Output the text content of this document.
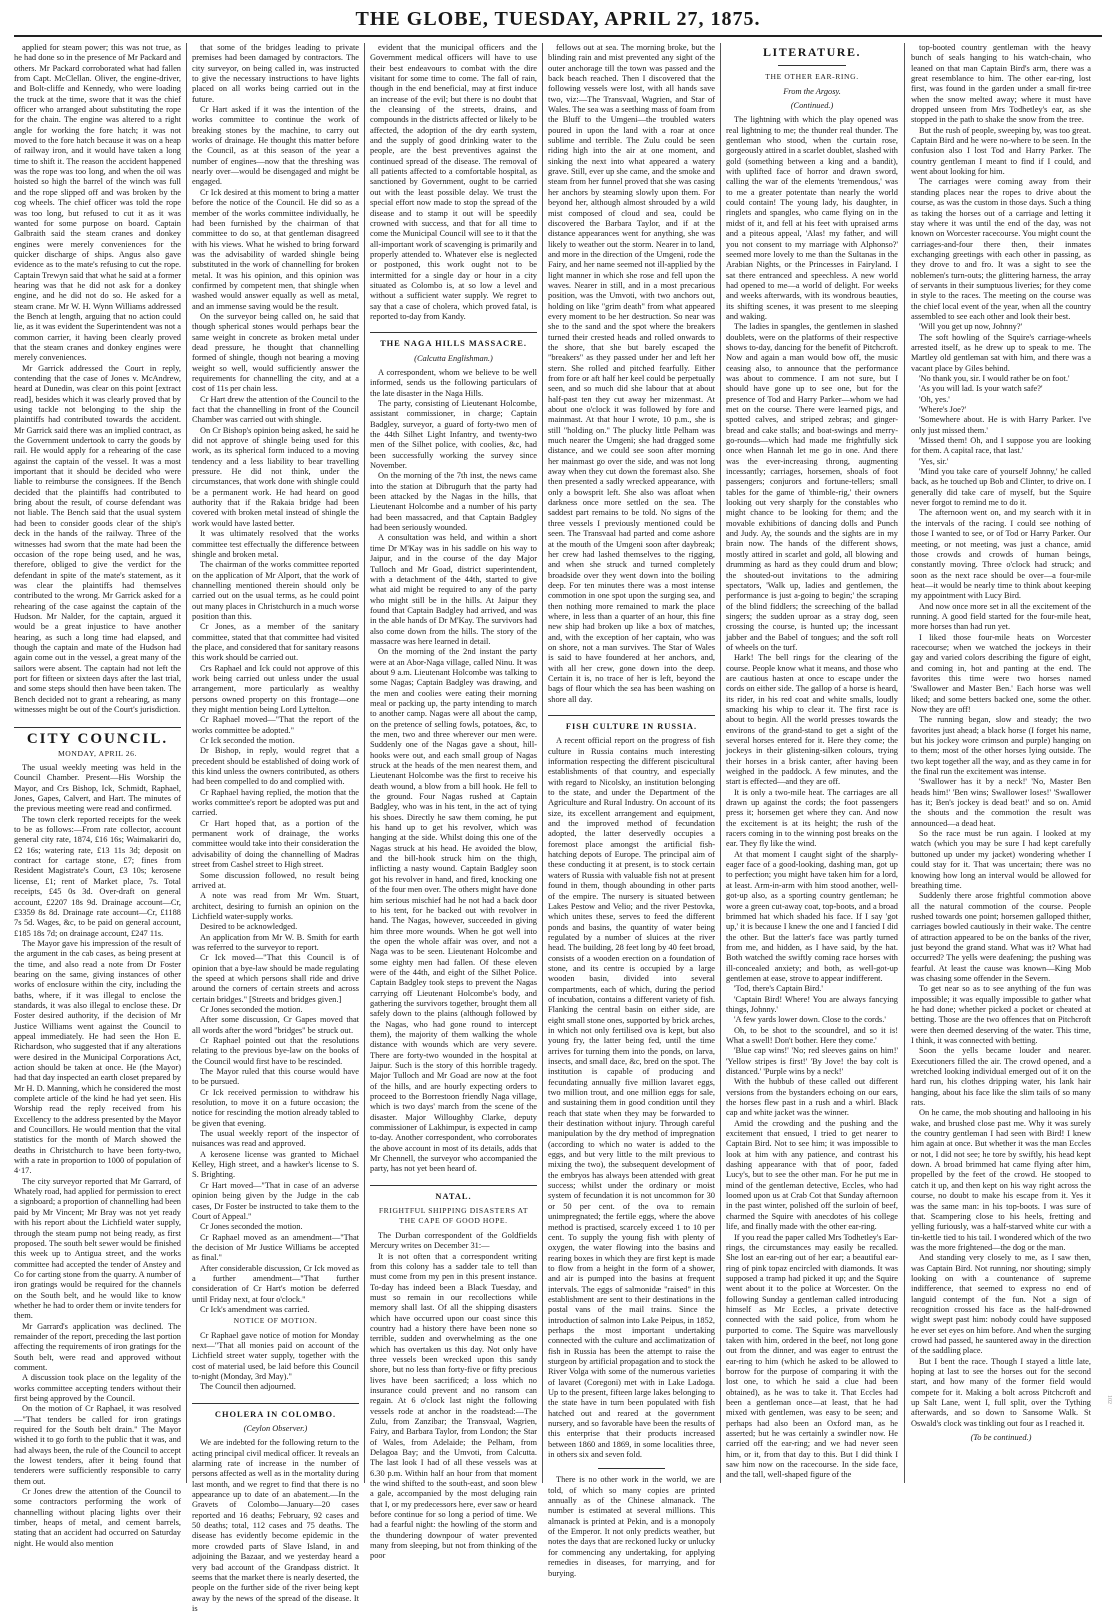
THE GLOBE, TUESDAY, APRIL 27, 1875.

applied for steam power; this was not true, as he had done so in the presence of Mr Packard and others. Mr Packard corroborated what had fallen from Capt. McClellan. Oliver, the engine-driver, and Bolt-cliffe and Kennedy, who were loading the truck at the time, swore that it was the chief officer who arranged about substituting the rope for the chain. The engine was altered to a right angle for working the fore hatch; it was not moved to the fore hatch because it was on a heap of railway iron, and it would have taken a long time to shift it. The reason the accident happened was the rope was too long, and when the oil was hoisted so high the barrel of the winch was full and the rope slipped off and was broken by the cog wheels. The chief officer was told the rope was too long, but refused to cut it as it was wanted for some purpose on board. Captain Galbraith said the steam cranes and donkey engines were merely conveniences for the quicker discharge of ships. Angus also gave evidence as to the mate's refusing to cut the rope. Captain Trewyn said that what he said at a former hearing was that he did not ask for a donkey engine, and he did not do so. He asked for a steam crane. Mr W. H. Wynn Williams addressed the Bench at length, arguing that no action could lie, as it was evident the Superintendent was not a common carrier, it having been clearly proved that the steam cranes and donkey engines were merely conveniences.

Mr Garrick addressed the Court in reply, contending that the case of Jones v. McAndrew, heard at Dunedin, was clear on this point [extract read], besides which it was clearly proved that by using tackle not belonging to the ship the plaintiffs had contributed towards the accident. Mr Garrick said there was an implied contract, as the Government undertook to carry the goods by rail. He would apply for a rehearing of the case against the captain of the vessel. It was a most important that it should be decided who were liable to reimburse the consignees. If the Bench decided that the plaintiffs had contributed to bring about the result, of course defendant was not liable. The Bench said that the usual system had been to consider goods clear of the ship's deck in the hands of the railway. Three of the witnesses had sworn that the mate had been the occasion of the rope being used, and he was, therefore, obliged to give the verdict for the defendant in spite of the mate's statement, as it was clear the plaintiffs had themselves contributed to the wrong. Mr Garrick asked for a rehearing of the case against the captain of the Hudson. Mr Nalder, for the captain, argued it would be a great injustice to have another hearing, as such a long time had elapsed, and though the captain and mate of the Hudson had again come out in the vessel, a great many of the sailors were absent. The captain had not left the port for fifteen or sixteen days after the last trial, and some steps should then have been taken. The Bench decided not to grant a rehearing, as many witnesses might be out of the Court's jurisdiction.

CITY COUNCIL.

MONDAY, APRIL 26.

The usual weekly meeting was held in the Council Chamber. Present—His Worship the Mayor, and Crs Bishop, Ick, Schmidt, Raphael, Jones, Gapes, Calvert, and Hart. The minutes of the previous meeting were read and confirmed.

The town clerk reported receipts for the week to be as follows:—From rate collector, account general city rate, 1874, £16 16s; Waimakariri do, £2 16s; watering rate, £13 11s 3d; deposit on contract for cartage stone, £7; fines from Resident Magistrate's Court, £3 10s; kerosene license, £1; rent of Market place, 7s. Total receipts, £45 0s 3d. Over-draft on general account, £2207 18s 9d. Drainage account—Cr, £3359 8s 8d. Drainage rate account—Cr, £1188 7s 5d. Wages, &c, to be paid on general account, £185 18s 7d; on drainage account, £247 11s.

The Mayor gave his impression of the result of the argument in the cab cases, as being present at the time, and also read a note from Dr Foster bearing on the same, giving instances of other works of enclosure within the city, including the baths, where, if it was illegal to enclose the standards, it was also illegal to enclose these. Dr Foster desired authority, if the decision of Mr Justice Williams went against the Council to appeal immediately. He had seen the Hon E. Richardson, who suggested that if any alterations were desired in the Municipal Corporations Act, action should be taken at once. He (the Mayor) had that day inspected an earth closet prepared by Mr H. D. Manning, which he considered the most complete article of the kind he had yet seen. His Worship read the reply received from his Excellency to the address presented by the Mayor and Councillors. He would mention that the vital statistics for the month of March showed the deaths in Christchurch to have been forty-two, with a rate in proportion to 1000 of population of 4·17.

The city surveyor reported that Mr Garrard, of Whately road, had applied for permission to erect a signboard; a proportion of channelling had been paid by Mr Vincent; Mr Bray was not yet ready with his report about the Lichfield water supply, through the steam pump not being ready, as first proposed. The south belt sewer would be finished this week up to Antigua street, and the works committee had accepted the tender of Anstey and Co for carting stone from the quarry. A number of iron gratings would be required for the channels on the South belt, and he would like to know whether he had to order them or invite tenders for them.

Mr Garrard's application was declined. The remainder of the report, preceding the last portion affecting the requirements of iron gratings for the South belt, were read and approved without comment.

A discussion took place on the legality of the works committee accepting tenders without their first being approved by the Council.

On the motion of Cr Raphael, it was resolved—"That tenders be called for iron gratings required for the South belt drain." The Mayor wished it to go forth to the public that it was, and had always been, the rule of the Council to accept the lowest tenders, after it being found that tenderers were sufficiently responsible to carry them out.

Cr Jones drew the attention of the Council to some contractors performing the work of channelling without placing lights over their timber, heaps of metal, and cement barrels, stating that an accident had occurred on Saturday night. He would also mention

that some of the bridges leading to private premises had been damaged by contractors. The city surveyor, on being called in, was instructed to give the necessary instructions to have lights placed on all works being carried out in the future.

Cr Hart asked if it was the intention of the works committee to continue the work of breaking stones by the machine, to carry out works of drainage. He thought this matter before the Council, as at this season of the year a number of engines—now that the threshing was nearly over—would be disengaged and might be engaged.

Cr Ick desired at this moment to bring a matter before the notice of the Council. He did so as a member of the works committee individually, he had been furnished by the chairman of that committee to do so, at that gentleman disagreed with his views. What he wished to bring forward was the advisability of warded shingle being substituted in the work of channelling for broken metal. It was his opinion, and this opinion was confirmed by competent men, that shingle when washed would answer equally as well as metal, and an immense saving would be the result.

On the surveyor being called on, he said that though spherical stones would perhaps bear the same weight in concrete as broken metal under dead pressure, he thought that channelling formed of shingle, though not bearing a moving weight so well, would sufficiently answer the requirements for channelling the city, and at a cost of 11s per chain less.

Cr Hart drew the attention of the Council to the fact that the channelling in front of the Council Chamber was carried out with shingle.

On Cr Bishop's opinion being asked, he said he did not approve of shingle being used for this work, as its spherical form induced to a moving tendency and a less liability to bear travelling pressure. He did not think, under the circumstances, that work done with shingle could be a permanent work. He had heard on good authority that if the Rakaia bridge had been covered with broken metal instead of shingle the work would have lasted better.

It was ultimately resolved that the works committee test effectually the difference between shingle and broken metal.

The chairman of the works committee reported on the application of Mr Alport, that the work of channelling mentioned therein should only be carried out on the usual terms, as he could point out many places in Christchurch in a much worse position than this.

Cr Jones, as a member of the sanitary committee, stated that that committee had visited the place, and considered that for sanitary reasons this work should be carried out.

Crs Raphael and Ick could not approve of this work being carried out unless under the usual arrangement, more particularly as wealthy persons owned property on this frontage—one they might mention being Lord Lyttelton.

Cr Raphael moved—"That the report of the works committee be adopted."

Cr Ick seconded the motion.

Dr Bishop, in reply, would regret that a precedent should be established of doing work of this kind unless the owners contributed, as others had been compelled to do and complied with.

Cr Raphael having replied, the motion that the works committee's report be adopted was put and carried.

Cr Hart hoped that, as a portion of the permanent work of drainage, the works committee would take into their consideration the advisability of doing the channelling of Madras street from Cashel street to High street.

Some discussion followed, no result being arrived at.

A note was read from Mr Wm. Stuart, architect, desiring to furnish an opinion on the Lichfield water-supply works.

Desired to be acknowledged.

An application from Mr W. B. Smith for earth was referred to the surveyor to report.

Cr Ick moved—"That this Council is of opinion that a bye-law should be made regulating the speed at which persons shall ride and drive around the corners of certain streets and across certain bridges." [Streets and bridges given.]

Cr Jones seconded the motion.

After some discussion, Cr Gapes moved that all words after the word "bridges" be struck out.

Cr Raphael pointed out that the resolutions relating to the previous bye-law on the books of the Council would first have to be rescinded.

The Mayor ruled that this course would have to be pursued.

Cr Ick received permission to withdraw his resolution, to move it on a future occasion; the notice for rescinding the motion already tabled to be given that evening.

The usual weekly report of the inspector of nuisances was read and approved.

A kerosene license was granted to Michael Kelley, High street, and a hawker's license to S. S. Brighting.

Cr Hart moved—"That in case of an adverse opinion being given by the Judge in the cab cases, Dr Foster be instructed to take them to the Court of Appeal."

Cr Jones seconded the motion.

Cr Raphael moved as an amendment—"That the decision of Mr Justice Williams be accepted as final."

After considerable discussion, Cr Ick moved as a further amendment—"That further consideration of Cr Hart's motion be deferred until Friday next, at four o'clock."

Cr Ick's amendment was carried.

NOTICE OF MOTION.

Cr Raphael gave notice of motion for Monday next—"That all monies paid on account of the Lichfield street water supply, together with the cost of material used, be laid before this Council to-night (Monday, 3rd May)."

The Council then adjourned.

CHOLERA IN COLOMBO.

(Ceylon Observer.)

We are indebted for the following return to the acting principal civil medical officer. It reveals an alarming rate of increase in the number of persons affected as well as in the mortality during last month, and we regret to find that there is no appearance up to date of an abatement.—In the Gravets of Colombo—January—20 cases reported and 16 deaths; February, 92 cases and 50 deaths; total, 112 cases and 75 deaths. The disease has evidently become epidemic in the more crowded parts of Slave Island, in and adjoining the Bazaar, and we yesterday heard a very bad account of the Grandpass district. It seems that the market there is nearly deserted, the people on the further side of the river being kept away by the news of the spread of the disease. It is

evident that the municipal officers and the Government medical officers will have to use their best endeavours to combat with the dire visitant for some time to come. The fall of rain, though in the end beneficial, may at first induce an increase of the evil; but there is no doubt that the cleansing of the streets, drains, and compounds in the districts affected or likely to be affected, the adoption of the dry earth system, and the supply of good drinking water to the people, are the best preventives against the continued spread of the disease. The removal of all patients affected to a comfortable hospital, as sanctioned by Government, ought to be carried out with the least possible delay. We trust the special effort now made to stop the spread of the disease and to stamp it out will be speedily crowned with success, and that for all time to come the Municipal Council will see to it that the all-important work of scavenging is primarily and properly attended to. Whatever else is neglected or postponed, this work ought not to be intermitted for a single day or hour in a city situated as Colombo is, at so low a level and without a sufficient water supply. We regret to say that a case of cholera, which proved fatal, is reported to-day from Kandy.

THE NAGA HILLS MASSACRE.

(Calcutta Englishman.)

A correspondent, whom we believe to be well informed, sends us the following particulars of the late disaster in the Naga Hills.

The party, consisting of Lieutenant Holcombe, assistant commissioner, in charge; Captain Badgley, surveyor, a guard of forty-two men of the 44th Silhet Light Infantry, and twenty-two men of the Silhet police, with coolies, &c, had been successfully working the survey since November.

On the morning of the 7th inst, the news came into the station at Dibrugurh that the party had been attacked by the Nagas in the hills, that Lieutenant Holcombe and a number of his party had been massacred, and that Captain Badgley had been seriously wounded.

A consultation was held, and within a short time Dr M'Kay was in his saddle on his way to Jaipur, and in the course of the day Major Tulloch and Mr Goad, district superintendent, with a detachment of the 44th, started to give what aid might be required to any of the party who might still be in the hills. At Jaipur they found that Captain Badgley had arrived, and was in the able hands of Dr M'Kay. The survivors had also come down from the hills. The story of the massacre was here learned in detail.

On the morning of the 2nd instant the party were at an Abor-Naga village, called Ninu. It was about 9 a.m. Lieutenant Holcombe was talking to some Nagas; Captain Badgley was drawing, and the men and coolies were eating their morning meal or packing up, the party intending to march to another camp. Nagas were all about the camp, on the pretence of selling fowls, potatoes, &c, to the men, two and three wherever our men were. Suddenly one of the Nagas gave a shout, hill-hooks were out, and each small group of Nagas struck at the heads of the men nearest them, and Lieutenant Holcombe was the first to receive his death wound, a blow from a bill hook. He fell to the ground. Four Nagas rushed at Captain Badgley, who was in his tent, in the act of tying his shoes. Directly he saw them coming, he put his hand up to get his revolver, which was hanging at the side. Whilst doing this one of the Nagas struck at his head. He avoided the blow, and the bill-hook struck him on the thigh, inflicting a nasty wound. Captain Badgley soon got his revolver in hand, and fired, knocking one of the four men over. The others might have done him serious mischief had he not had a back door to his tent, for he backed out with revolver in hand. The Nagas, however, succeeded in giving him three more wounds. When he got well into the open the whole affair was over, and not a Naga was to be seen. Lieutenant Holcombe and some eighty men had fallen. Of these eleven were of the 44th, and eight of the Silhet Police. Captain Badgley took steps to prevent the Nagas carrying off Lieutenant Holcombe's body, and gathering the survivors together, brought them all safely down to the plains (although followed by the Nagas, who had gone round to intercept them), the majority of them walking the whole distance with wounds which are very severe. There are forty-two wounded in the hospital at Jaipur. Such is the story of this horrible tragedy. Major Tulloch and Mr Goad are now at the foot of the hills, and are hourly expecting orders to proceed to the Borrestoon friendly Naga village, which is two days' march from the scene of the disaster. Major Willoughby Clarke, deputy commissioner of Lakhimpur, is expected in camp to-day. Another correspondent, who corroborates the above account in most of its details, adds that Mr Chennell, the surveyor who accompanied the party, has not yet been heard of.

NATAL.

FRIGHTFUL SHIPPING DISASTERS AT THE CAPE OF GOOD HOPE.

The Durban correspondent of the Goldfields Mercury writes on December 31:—

It is not often that a correspondent writing from this colony has a sadder tale to tell than must come from my pen in this present instance. To-day has indeed been a Black Tuesday, and must so remain in our recollections while memory shall last. Of all the shipping disasters which have occurred upon our coast since this country had a history there have been none so terrible, sudden and overwhelming as the one which has overtaken us this day. Not only have three vessels been wrecked upon this sandy shore, but no less than forty-five or fifty precious lives have been sacrificed; a loss which no insurance could prevent and no ransom can regain. At 6 o'clock last night the following vessels rode at anchor in the roadstead:—The Zulu, from Zanzibar; the Transvaal, Wagrien, Fairy, and Barbara Taylor, from London; the Star of Wales, from Adelaide; the Pelham, from Delagoa Bay; and the Umvoti, from Calcutta. The last look I had of all these vessels was at 6.30 p.m. Within half an hour from that moment the wind shifted to the south-east, and soon blew a gale, accompanied by the most deluging rain that I, or my predecessors here, ever saw or heard before continue for so long a period of time. We had a fearful night: the howling of the storm and the thundering downpour of water prevented many from sleeping, but not from thinking of the poor

fellows out at sea. The morning broke, but the blinding rain and mist prevented any sight of the outer anchorage till the town was passed and the back beach reached. Then I discovered that the following vessels were lost, with all hands save two, viz:—The Transvaal, Wagrien, and Star of Wales. The sea was a seething mass of foam from the Bluff to the Umgeni—the troubled waters poured in upon the land with a roar at once sublime and terrible. The Zulu could be seen riding high into the air at one moment, and sinking the next into what appeared a watery grave. Still, ever up she came, and the smoke and steam from her funnel proved that she was casing her anchors by steaming slowly upon them. For beyond her, although almost shrouded by a wild mist composed of cloud and sea, could be discovered the Barbara Taylor, and if at the distance appearances went for anything, she was likely to weather out the storm. Nearer in to land, and more in the direction of the Umgeni, rode the Fairy, and her name seemed not ill-applied by the light manner in which she rose and fell upon the waves. Nearer in still, and in a most precarious position, was the Umvoti, with two anchors out, holding on like "grim death" from what appeared every moment to be her destruction. So near was she to the sand and the spot where the breakers turned their crested heads and rolled onwards to the shore, that she but barely escaped the "breakers" as they passed under her and left her stern. She rolled and pitched fearfully. Either from fore or aft half her keel could be perpetually seen, and so much did she labour that at about half-past ten they cut away her mizenmast. At about one o'clock it was followed by fore and mainmast. At that hour I wrote, 10 p.m., she is still "holding on." The plucky little Pelham was much nearer the Umgeni; she had dragged some distance, and we could see soon after morning her mainmast go over the side, and was not long away when they cut down the foremast also. She then presented a sadly wrecked appearance, with only a bowsprit left. She also was afloat when darkness once more settled on the sea. The saddest part remains to be told. No signs of the three vessels I previously mentioned could be seen. The Transvaal had parted and come ashore at the mouth of the Umgeni soon after daybreak; her crew had lashed themselves to the rigging, and when she struck and turned completely broadside over they went down into the boiling deep. For ten minutes there was a most intense commotion in one spot upon the surging sea, and then nothing more remained to mark the place where, in less than a quarter of an hour, this fine new ship had broken up like a box of matches, and, with the exception of her captain, who was on shore, not a man survives. The Star of Wales is said to have foundered at her anchors, and, with all her crew, gone down into the deep. Certain it is, no trace of her is left, beyond the bags of flour which the sea has been washing on shore all day.

FISH CULTURE IN RUSSIA.

A recent official report on the progress of fish culture in Russia contains much interesting information respecting the different piscicultural establishments of that country, and especially with regard to Nicolsky, an institution belonging to the state, and under the Department of the Agriculture and Rural Industry. On account of its size, its excellent arrangement and equipment, and the improved method of fecundation adopted, the latter deservedly occupies a foremost place amongst the artificial fish-hatching depots of Europe. The principal aim of these conducting it at present, is to stock certain waters of Russia with valuable fish not at present found in them, though abounding in other parts of the empire. The nursery is situated between Lakes Pestow and Velio; and the river Pestovka, which unites these, serves to feed the different ponds and basins, the quantity of water being regulated by a number of sluices at the river head. The building, 28 feet long by 40 feet broad, consists of a wooden erection on a foundation of stone, and its centre is occupied by a large wooden basin, divided into several compartments, each of which, during the period of incubation, contains a different variety of fish. Flanking the central basin on either side, are eight small stone ones, supported by brick arches, in which not only fertilised ova is kept, but also young fry, the latter being fed, until the time arrives for turning them into the ponds, on larva, insects, and small dace, &c, bred on the spot. The institution is capable of producing and fecundating annually five million lavaret eggs, two million trout, and one million eggs for sale, and sustaining them in good condition until they reach that state when they may be forwarded to their destination without injury. Through careful manipulation by the dry method of impregnation (according to which no water is added to the eggs, and but very little to the milt previous to mixing the two), the subsequent development of the embryos has always been attended with great success; whilst under the ordinary or moist system of fecundation it is not uncommon for 30 or 50 per cent. of the ova to remain unimpregnated; the fertile eggs, where the above method is practised, scarcely exceed 1 to 10 per cent. To supply the young fish with plenty of oxygen, the water flowing into the basins and rearing boxes in which they are first kept is made to flow from a height in the form of a shower, and air is pumped into the basins at frequent intervals. The eggs of salmonidæ "raised" in this establishment are sent to their destinations in the postal vans of the mail trains. Since the introduction of salmon into Lake Peipus, in 1852, perhaps the most important undertaking connected with the culture and acclimatization of fish in Russia has been the attempt to raise the sturgeon by artificial propagation and to stock the River Volga with some of the numerous varieties of lavaret (Coregoni) met with in Lake Ladoga. Up to the present, fifteen large lakes belonging to the state have in turn been populated with fish hatched out and reared at the government nursery, and so favorable have been the results of this enterprise that their products increased between 1860 and 1869, in some localities three, in others six and seven fold.

There is no other work in the world, we are told, of which so many copies are printed annually as of the Chinese almanack. The number is estimated at several millions. This almanack is printed at Pekin, and is a monopoly of the Emperor. It not only predicts weather, but notes the days that are reckoned lucky or unlucky for commencing any undertaking, for applying remedies in diseases, for marrying, and for burying.

LITERATURE.

THE OTHER EAR-RING.

From the Argosy.

(Continued.)

The lightning with which the play opened was real lightning to me; the thunder real thunder. The gentleman who stood, when the curtain rose, gorgeously attired in a scarlet doublet, slashed with gold (something between a king and a bandit), with uplifted face of horror and drawn sword, calling the war of the elements 'tremendous,' was to me a greater potentate than nearly the world could contain! The young lady, his daughter, in ringlets and spangles, who came flying on in the midst of it, and fell at his feet with upraised arms and a piteous appeal, 'Alas! my father, and will you not consent to my marriage with Alphonso?' seemed more lovely to me than the Sultanas in the Arabian Nights, or the Princesses in Fairyland. I sat there entranced and speechless. A new world had opened to me—a world of delight. For weeks and weeks afterwards, with its wondrous beauties, its shifting scenes, it was present to me sleeping and waking.

The ladies in spangles, the gentlemen in slashed doublets, were on the platforms of their respective shows to-day, dancing for the benefit of Pitchcroft. Now and again a man would bow off, the music ceasing also, to announce that the performance was about to commence. I am not sure, but I should have gone up to see one, but for the presence of Tod and Harry Parker—whom we had met on the course. There were learned pigs, and spotted calves, and striped zebras; and ginger-bread and cake stalls; and boat-swings and merry-go-rounds—which had made me frightfully sick once when Hannah let me go in one. And there was the ever-increasing throng, augmenting incessantly; carriages, horsemen, shoals of foot passengers; conjurors and fortune-tellers; small tables for the game of 'thimble-rig,' their owners looking out very sharply for the constables who might chance to be looking for them; and the movable exhibitions of dancing dolls and Punch and Judy. Ay, the sounds and the sights are in my brain now. The hands of the different shows, mostly attired in scarlet and gold, all blowing and drumming as hard as they could drum and blow; the shouted-out invitations to the admiring spectators, 'Walk up, ladies and gentlemen, the performance is just a-going to begin;' the scraping of the blind fiddlers; the screeching of the ballad singers; the sudden uproar as a stray dog, seen crossing the course, is hunted up; the incessant jabber and the Babel of tongues; and the soft roll of wheels on the turf.

Hark! The bell rings for the clearing of the course. People know what it means, and those who are cautious hasten at once to escape under the cords on either side. The gallop of a horse is heard, its rider, in his red coat and white smalls, loudly smacking his whip to clear it. The first race is about to begin. All the world presses towards the environs of the grand-stand to get a sight of the several horses entered for it. Here they come; the jockeys in their glistening-silken colours, trying their horses in a brisk canter, after having been weighed in the paddock. A few minutes, and the start is effected—and they are off.

It is only a two-mile heat. The carriages are all drawn up against the cords; the foot passengers press it; horsemen get where they can. And now the excitement is at its height; the rush of the racers coming in to the winning post breaks on the ear. They fly like the wind.

At that moment I caught sight of the sharply-eager face of a good-looking, dashing man, got up to perfection; you might have taken him for a lord, at least. Arm-in-arm with him stood another, well-got-up also, as a sporting country gentleman; he wore a green cut-away coat, top-boots, and a broad brimmed hat which shaded his face. If I say 'got up,' it is because I knew the one and I fancied I did the other. But the latter's face was partly turned from me, and hidden, as I have said, by the hat. Both watched the swiftly coming race horses with ill-concealed anxiety; and both, as well-got-up gentlemen at ease, strove to appear indifferent.

'Tod, there's Captain Bird.'

'Captain Bird! Where! You are always fancying things, Johnny.'

'A few yards lower down. Close to the cords.'

Oh, to be shot to the scoundrel, and so it is! What a swell! Don't bother. Here they come.'

'Blue cap wins!' 'No; red sleeves gains on him!' 'Yellow stripes is first!' 'By Jove! the bay colt is distanced.' 'Purple wins by a neck!'

With the hubbub of these called out different versions from the bystanders echoing on our ears, the horses flew past in a rush and a whirl. Black cap and white jacket was the winner.

Amid the crowding and the pushing and the excitement that ensued, I tried to get nearer to Captain Bird. Not to see him; it was impossible to look at him with any patience, and contrast his dashing appearance with that of poor, faded Lucy's, but to see the other man. For he put me in mind of the gentleman detective, Eccles, who had loomed upon us at Crab Cot that Sunday afternoon in the past winter, polished off the surloin of beef, charmed the Squire with anecdotes of his college life, and finally made with the other ear-ring.

If you read the paper called Mrs Todhetley's Ear-rings, the circumstances may easily be recalled. She lost an ear-ring out of her ear; a beautiful ear-ring of pink topaz encircled with diamonds. It was supposed a tramp had picked it up; and the Squire went about it to the police at Worcester. On the following Sunday a gentleman called introducing himself as Mr Eccles, a private detective connected with the said police, from whom he purported to come. The Squire was marvellously taken with him, ordered in the beef, not long gone out from the dinner, and was eager to entrust the ear-ring to him (which he asked to be allowed to borrow for the purpose of comparing it with the lost one, to which he said a clue had been obtained), as he was to take it. That Eccles had been a gentleman once—at least, that he had mixed with gentlemen, was easy to be seen; and perhaps had also been an Oxford man, as he asserted; but he was certainly a swindler now. He carried off the ear-ring; and we had never seen him, or it, from that day to this. But I did think I saw him now on the racecourse. In the side face, and the tall, well-shaped figure of the

top-booted country gentleman with the heavy bunch of seals hanging to his watch-chain, who leaned on that man Captain Bird's arm, there was a great resemblance to him. The other ear-ring, lost first, was found in the garden under a small fir-tree when the snow melted away; where it must have dropped unseen from Mrs Todhetley's ear, as she stopped in the path to shake the snow from the tree.

But the rush of people, sweeping by, was too great. Captain Bird and he were no-where to be seen. In the confusion also I lost Tod and Harry Parker. The country gentleman I meant to find if I could, and went about looking for him.

The carriages were coming away from their standing places near the ropes to drive about the course, as was the custom in those days. Such a thing as taking the horses out of a carriage and letting it stay where it was until the end of the day, was not known on Worcester racecourse. You might count the carriages-and-four there then, their inmates exchanging greetings with each other in passing, as they drove to and fro. It was a sight to see the noblemen's turn-outs; the glittering harness, the array of servants in their sumptuous liveries; for they come in style to the races. The meeting on the course was the chief local event of the year, when all the country assembled to see each other and look their best.

'Will you get up now, Johnny?'

The soft howling of the Squire's carriage-wheels arrested itself, as he drew up to speak to me. The Martley old gentleman sat with him, and there was a vacant place by Giles behind.

'No thank you, sir. I would rather be on foot.'

'As you will lad. Is your watch safe?'

'Oh, yes.'

'Where's Joe?'

'Somewhere about. He is with Harry Parker. I've only just missed them.'

'Missed them! Oh, and I suppose you are looking for them. A capital race, that last.'

'Yes, sir.'

'Mind you take care of yourself Johnny,' he called back, as he touched up Bob and Clinter, to drive on. I generally did take care of myself, but the Squire never forgot to remind me to do it.

The afternoon went on, and my search with it in the intervals of the racing. I could see nothing of those I wanted to see, or of Tod or Harry Parker. Our meeting, or not meeting, was just a chance, amid those crowds and crowds of human beings, constantly moving. Three o'clock had struck; and soon as the next race should be over—a four-mile heat—it would be nearly time to think about keeping my appointment with Lucy Bird.

And now once more set in all the excitement of the running. A good field started for the four-mile heat, more horses than had run yet.

I liked those four-mile heats on Worcester racecourse; when we watched the jockeys in their gay and varied colors describing the figure of eight, and coming in, hot and panting at the end. The favorites this time were two horses named 'Swallower and Master Ben.' Each horse was well liked; and some betters backed one, some the other. Now they are off!

The running began, slow and steady; the two favorites just ahead; a black horse (I forget his name, but his jockey wore crimson and purple) hanging on to them; most of the other horses lying outside. The two kept together all the way, and as they came in for the final run the excitement was intense.

'Swallower has it by a neck!' 'No, Master Ben heads him!' 'Ben wins; Swallower loses!' 'Swallower has it; Ben's jockey is dead beat!' and so on. Amid the shouts and the commotion the result was announced—a dead heat.

So the race must be run again. I looked at my watch (which you may be sure I had kept carefully buttoned up under my jacket) wondering whether I could stay for it. That was uncertain; there was no knowing how long an interval would be allowed for breathing time.

Suddenly there arose frightful commotion above all the natural commotion of the course. People rushed towards one point; horsemen galloped thither, carriages bowled cautiously in their wake. The centre of attraction appeared to be on the banks of the river, just beyond the grand stand. What was it? What had occurred? The yells were deafening; the pushing was fearful. At least the cause was known—King Mob was chasing some offender in the Severn.

To get near so as to see anything of the fun was impossible; it was equally impossible to gather what he had done; whether picked a pocket or cheated at betting. Those are the two offences that on Pitchcroft were then deemed deserving of the water. This time, I think, it was connected with betting.

Soon the yells became louder and nearer. Executioners filled the air. The crowd opened, and a wretched looking individual emerged out of it on the hard run, his clothes dripping water, his lank hair hanging, about his face like the slim tails of so many rats.

On he came, the mob shouting and hallooing in his wake, and brushed close past me. Why it was surely the country gentleman I had seen with Bird! I knew him again at once. But whether it was the man Eccles or not, I did not see; he tore by swiftly, his head kept down. A broad brimmed hat came flying after him, propelled by the feet of the crowd. He stooped to catch it up, and then kept on his way right across the course, no doubt to make his escape from it. Yes it was the same man: in his top-boots. I was sure of that. Scampering close to his heels, fretting and yelling furiously, was a half-starved white cur with a tin-kettle tied to his tail. I wondered which of the two was the more frightened—the dog or the man.

And standing very closely to me, as I saw then, was Captain Bird. Not running, nor shouting; simply looking on with a countenance of supreme indifference, that seemed to express no end of languid contempt of the fun. Not a sign of recognition crossed his face as the half-drowned wight swept past him: nobody could have supposed he ever set eyes on him before. And when the surging crowd had passed, he sauntered away in the direction of the saddling place.

But I bent the race. Though I stayed a little late, hoping at last to see the horses out for the second start, and how many of the former field would compete for it. Making a bolt across Pitchcroft and up Salt Lane, went I, full split, over the Tything afterwards, and so down to Sansome Walk. St Oswald's clock was tinkling out four as I reached it.

(To be continued.)

102
